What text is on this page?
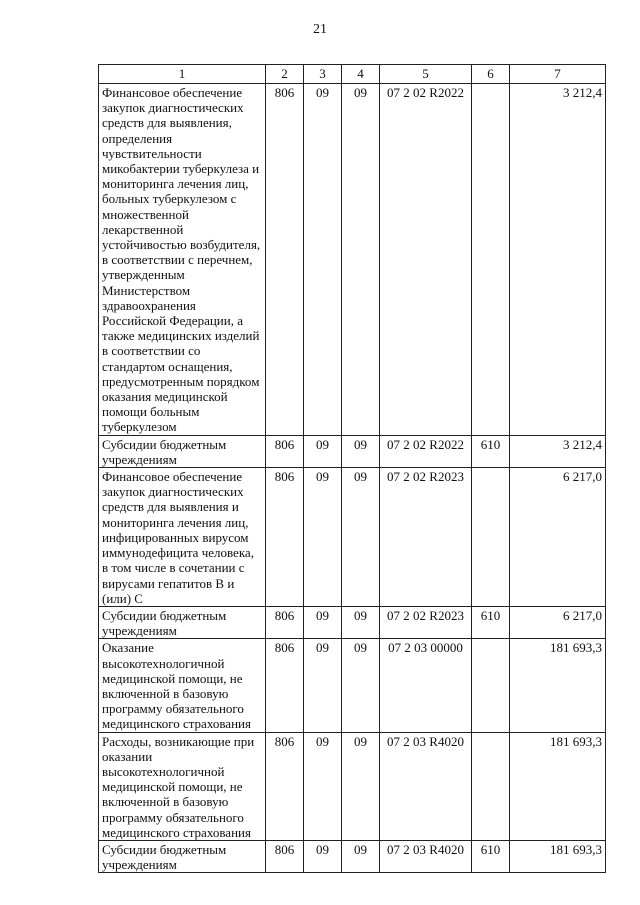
21
1	2	3	4	5	6	7
Финансовое обеспечение закупок диагностических средств для выявления, определения чувствительности микобактерии туберкулеза и мониторинга лечения лиц, больных туберкулезом с множественной лекарственной устойчивостью возбудителя, в соответствии с перечнем, утвержденным Министерством здравоохранения Российской Федерации, а также медицинских изделий в соответствии со стандартом оснащения, предусмотренным порядком оказания медицинской помощи больным туберкулезом	806	09	09	07 2 02 R2022		3 212,4
Субсидии бюджетным учреждениям	806	09	09	07 2 02 R2022	610	3 212,4
Финансовое обеспечение закупок диагностических средств для выявления и мониторинга лечения лиц, инфицированных вирусом иммунодефицита человека, в том числе в сочетании с вирусами гепатитов В и (или) С	806	09	09	07 2 02 R2023		6 217,0
Субсидии бюджетным учреждениям	806	09	09	07 2 02 R2023	610	6 217,0
Оказание высокотехнологичной медицинской помощи, не включенной в базовую программу обязательного медицинского страхования	806	09	09	07 2 03 00000		181 693,3
Расходы, возникающие при оказании высокотехнологичной медицинской помощи, не включенной в базовую программу обязательного медицинского страхования	806	09	09	07 2 03 R4020		181 693,3
Субсидии бюджетным учреждениям	806	09	09	07 2 03 R4020	610	181 693,3
